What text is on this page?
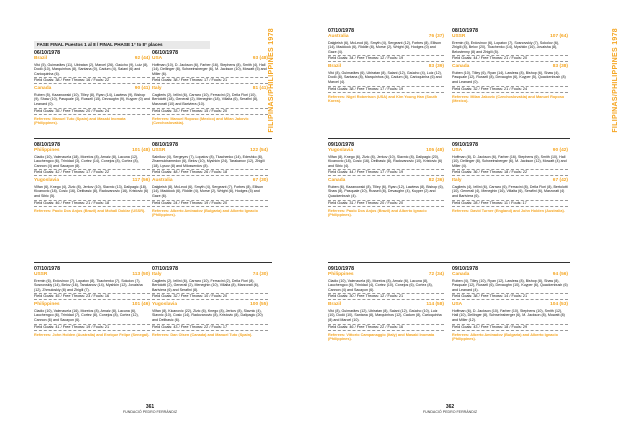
FASE FINAL Puestos 1 al 8 / FINAL PHASE 1° to 8° places	FILIPINAS/PHILIPPINES 1978
06/10/1978
Brazil	92 (44)
Vitó (5), Guimarães (11), Ubiratan (2), Marcel (26), Gaúcho (9), Luiz (8), Dodô (10), Marquinhos (8), Santana (0), Cadum (4), Saiani (6) and Carioquinha (6).
Field Goals: 38 / Free Throws: 16 / Fouls: 22
Canada	90 (41)
Ruben (5), Kazanowski (10), Tilley (8), Ryan (14), Lawless (9), Bishop (9), Shaw (10), Pasquale (3), Russell (15), Devaughn (9), Kuyper (0) and Leanard (0).
Field Goals: 35 / Free Throws: 20 / Fouls: 24
Referees: Manuel Tuto (Spain) and Masaki Inomata (Philippines).
06/10/1978
USA	93 (48)
Hoffman (10), D. Jackson (6), Farber (16), Stephens (8), Smith (4), Hall (14), Dellinger (8), Schweinsberger (6), M. Jackson (10), Mowatt (5) and Miller (6).
Field Goals: 38 / Free Throws: 17 / Fouls: 21
Italy	81 (41)
Caglieris (2), Iellini (6), Carraro (10), Ferracini (2), Della Fiori (10), Bertolotti (18), Generali (2), Meneghin (18), Villalta (6), Serafini (8), Marzorati (10) and Bariviera (10).
Field Goals: 33 / Free Throws: 15 / Fouls: 20
Referees: Manuel Roposo (Mexico) and Milan Jakovic (Czechoslovakia).
08/10/1978
Philippines	101 (48)
Cladio (10), Valenzuela (18), Morelos (8), Arnaiz (8), Lacuna (12), Lauchengco (6), Trinidad (3), Cortez (14), Conejos (8), Cortez (8), Cannon (4) and Sacayon (8).
Field Goals: 42 / Free Throws: 17 / Fouls: 22
Yugoslavia	117 (56)
Vilfan (6), Knego (4), Zizic (8), Jerkov (10), Slavnic (13), Dalipagic (18), Kicanovic (18), Cosic (16), Delibasic (8), Radovanovic (16), Kristovic (6) and Sibic (5).
Field Goals: 46 / Free Throws: 21 / Fouls: 18
Referees: Paolo Dos Anjos (Brazil) and Mohall Doklar (USSR).
08/10/1978
USSR	122 (54)
Salnikov (4), Sergeyev (7), Lopatov (8), Tkachenko (14), Edeshko (8), Zharmukhamedov (6), Belov (10), Myshkin (24), Tarakanov (12), Zhigili (18), Lysov (8) and Milosserdov (8).
Field Goals: 48 / Free Throws: 26 / Fouls: 18
Australia	67 (30)
Dalgleish (8), McLeod (6), Smyth (4), Sergeant (7), Forbes (8), Ellison (14), Maddock (6), Riddle (4), Morse (2), Wright (8), Hodges (5) and Gaze (6).
Field Goals: 24 / Free Throws: 19 / Fouls: 20
Referees: Alberto Aminadov (Bulgaria) and Alberto Ignacio (Philippines).
07/10/1978
USSR	113 (50)
Eremin (6), Erdovinov (7), Lopatov (8), Tkachenko (7), Sokolov (7), Sosnovskiy (14), Belov (16), Tarakanov (14), Myshkin (12), Jovaisha (12), Zhmuloskiy (8) and Zhigili (7).
Field Goals: 45 / Free Throws: 23 / Fouls: 16
Philippines	101 (46)
Cladio (10), Valenzuela (16), Morelos (8), Arnaiz (8), Lacuna (6), Lauchengco (6), Trinidad (7), Cortez (8), Conejos (8), Cortez (12), Cannon (6) and Sacayon (6).
Field Goals: 41 / Free Throws: 19 / Fouls: 21
Referees: John Holden (Australia) and Enrique Felipe (Senegal).
07/10/1978
Italy	74 (30)
Caglieris (2), Iellini (6), Carraro (10), Ferracini (2), Della Fiori (8), Bertolotti (2), Generali (2), Meneghin (10), Villalta (8), Marzorati (6), Bariviera (6) and Serafini (8).
Field Goals: 32 / Free Throws: 10 / Fouls: 20
Yugoslavia	100 (55)
Vilfan (8), Kicanovic (22), Zizic (6), Knego (8), Jerkov (8), Slavnic (4), Slavnic (10), Cosic (14), Radovanovic (8), Kristovic (8), Dalipagic (20) and Delibasic (6).
Field Goals: 43 / Free Throws: 22 / Fouls: 17
Referees: Dan Olsen (Canada) and Manuel Tuto (Spain).
361
FUNDACIÓ PEDRO FERRÁNDIZ
FILIPINAS/PHILIPPINES 1978
07/10/1978
Australia	76 (37)
Dalgleish (6), McLeod (6), Smyth (4), Sergeant (12), Forbes (8), Ellison (14), Maddock (6), Riddle (8), Morse (2), Wright (6), Hodges (0) and Gaze (4).
Field Goals: 34 / Free Throws: 12 / Fouls: 19
Brazil	83 (39)
Vitó (8), Guimarães (6), Ubiratan (8), Saiani (12), Gaúcho (4), Luiz (12), Dodô (8), Santana (8), Marquinhos (6), Cadum (8), Carioquinha (6) and Marcel (4).
Field Goals: 38 / Free Throws: 17 / Fouls: 19
Referees: Nigel Robertson (USA) and Kim Young Han (South Korea).
08/10/1978
USSR	107 (64)
Eremin (6), Erdovinov (6), Lopatov (7), Sosnovskiy (7), Sokolov (6), Zhigili (8), Belov (20), Tkachenko (14), Myshkin (16), Jovaisha (8), Belostenny (8) and Zhigili (5).
Field Goals: 44 / Free Throws: 21 / Fouls: 20
Canada	83 (38)
Ruben (10), Tilley (6), Ryan (14), Lawless (8), Bishop (6), Shaw (4), Pasquale (12), Russell (8), Devaughn (6), Kuyper (5), Quackenbush (8) and Leanard (0).
Field Goals: 32 / Free Throws: 21 / Fouls: 24
Referees: Milan Jakovic (Czechoslovakia) and Manuel Roposo (Mexico).
09/10/1978
Yugoslavia	105 (48)
Vilfan (8), Knego (6), Zizic (8), Jerkov (10), Slavnic (8), Dalipagic (20), Kicanovic (18), Cosic (16), Delibasic (8), Radovanovic (10), Kristovic (6) and Sibic (4).
Field Goals: 44 / Free Throws: 17 / Fouls: 19
Canada	82 (36)
Ruben (6), Kazanowski (8), Tilley (6), Ryan (12), Lawless (8), Bishop (6), Shaw (8), Pasquale (10), Russell (8), Devaughn (4), Kuyper (2) and Quackenbush (4).
Field Goals: 31 / Free Throws: 20 / Fouls: 20
Referees: Paolo Dos Anjos (Brazil) and Alberto Ignacio (Philippines).
09/10/1978
USA	90 (42)
Hoffman (8), D. Jackson (6), Farber (16), Stephens (6), Smith (10), Hall (10), Dellinger (8), Schweinsberger (6), M. Jackson (12), Mowatt (4) and Miller (4).
Field Goals: 36 / Free Throws: 18 / Fouls: 22
Italy	67 (42)
Caglieris (4), Iellini (6), Carraro (6), Ferracini (8), Della Fiori (8), Bertolotti (10), Generali (4), Meneghin (16), Villalta (6), Serafini (6), Marzorati (4) and Bariviera (6).
Field Goals: 28 / Free Throws: 11 / Fouls: 17
Referees: David Turner (England) and John Holden (Australia).
09/10/1978
Philippines	72 (34)
Cladio (10), Valenzuela (6), Morelos (8), Arnaiz (6), Lacuna (8), Lauchengco (6), Trinidad (4), Cortez (10), Conejos (6), Cortez (8), Cannon (4) and Sacayon (6).
Field Goals: 30 / Free Throws: 12 / Fouls: 21
Brazil	114 (58)
Vitó (8), Guimarães (12), Ubiratan (8), Saiani (12), Gaúcho (10), Luiz (10), Dodô (10), Santana (8), Marquinhos (12), Cadum (8), Carioquinha (8) and Marcel (10).
Field Goals: 46 / Free Throws: 22 / Fouls: 16
Referees: Vittorio Campanaggio (Italy) and Masaki Inomata (Philippines).
09/10/1978
Canada	94 (56)
Ruben (4), Tilley (10), Ryan (12), Lawless (8), Bishop (8), Shaw (8), Pasquale (12), Russell (6), Devaughn (10), Kuyper (6), Quackenbush (6) and Leanard (4).
Field Goals: 38 / Free Throws: 14 / Fouls: 21
USA	104 (53)
Hoffman (6), D. Jackson (10), Farber (10), Stephens (10), Smith (12), Hall (10), Dellinger (8), Schweinsberger (6), M. Jackson (8), Mowatt (8) and Miller (12).
Field Goals: 43 / Free Throws: 18 / Fouls: 29
Referees: Alberto Aminadov (Bulgaria) and Alberto Ignacio (Philippines).
362
FUNDACIÓ PEDRO FERRÁNDIZ
